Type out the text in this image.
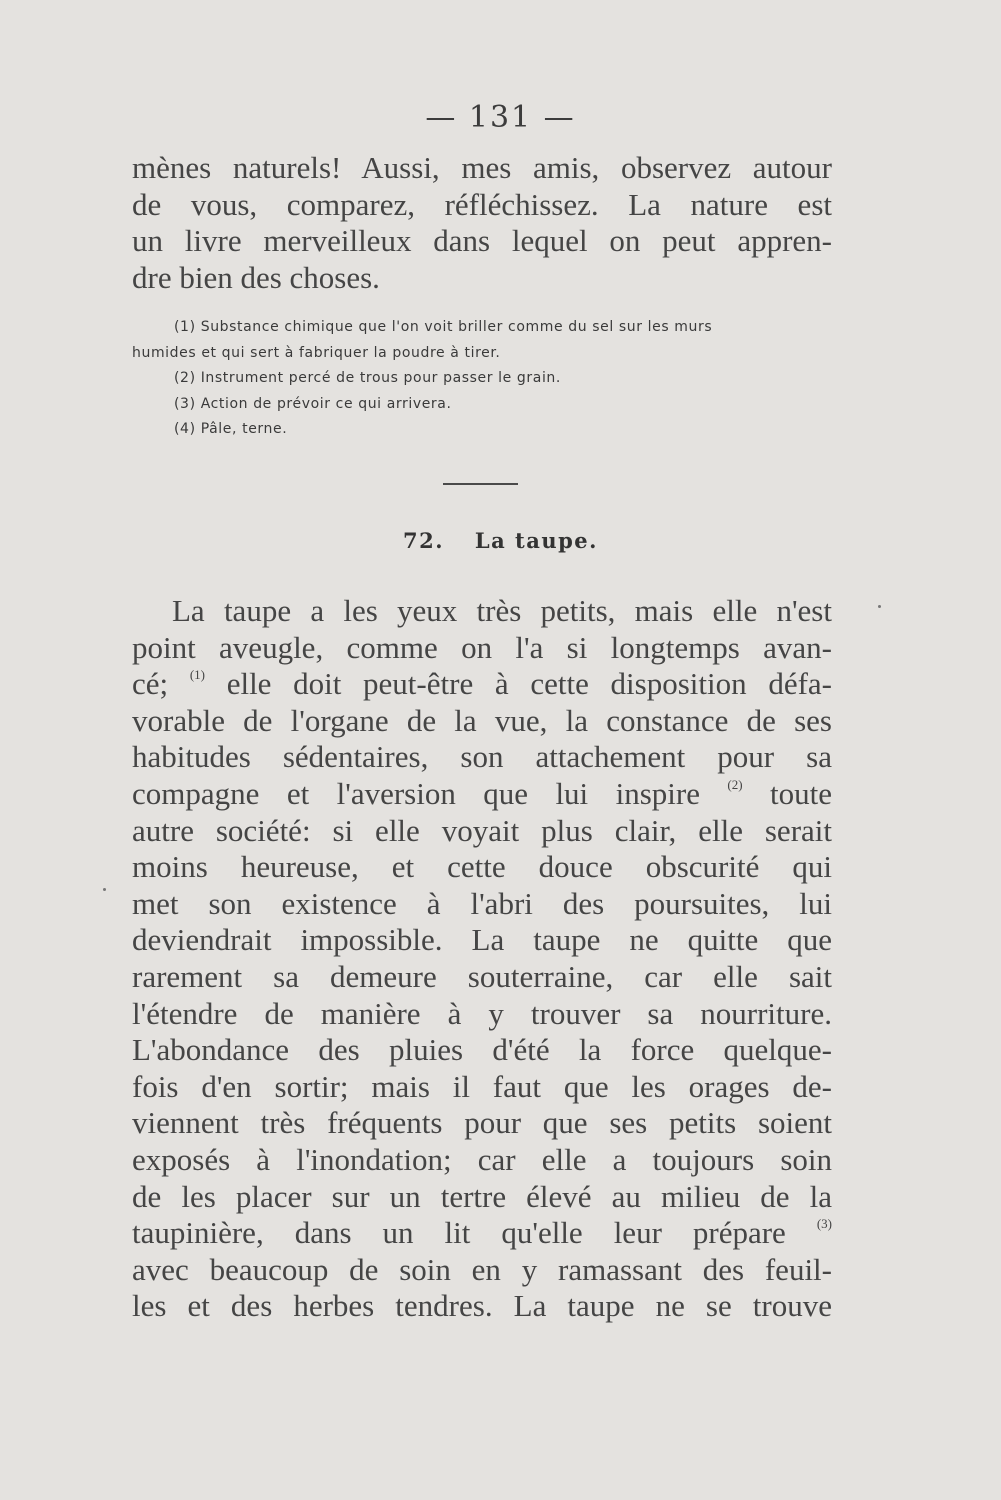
— 131 —
mènes naturels! Aussi, mes amis, observez autour
de vous, comparez, réfléchissez. La nature est
un livre merveilleux dans lequel on peut appren-
dre bien des choses.
(1) Substance chimique que l'on voit briller comme du sel sur les murs
humides et qui sert à fabriquer la poudre à tirer.
(2) Instrument percé de trous pour passer le grain.
(3) Action de prévoir ce qui arrivera.
(4) Pâle, terne.
72. La taupe.
La taupe a les yeux très petits, mais elle n'est
point aveugle, comme on l'a si longtemps avan-
cé; $^{(1)}$ elle doit peut-être à cette disposition défa-
vorable de l'organe de la vue, la constance de ses
habitudes sédentaires, son attachement pour sa
compagne et l'aversion que lui inspire $^{(2)}$ toute
autre société: si elle voyait plus clair, elle serait
moins heureuse, et cette douce obscurité qui
met son existence à l'abri des poursuites, lui
deviendrait impossible. La taupe ne quitte que
rarement sa demeure souterraine, car elle sait
l'étendre de manière à y trouver sa nourriture.
L'abondance des pluies d'été la force quelque-
fois d'en sortir; mais il faut que les orages de-
viennent très fréquents pour que ses petits soient
exposés à l'inondation; car elle a toujours soin
de les placer sur un tertre élevé au milieu de la
taupinière, dans un lit qu'elle leur prépare $^{(3)}$
avec beaucoup de soin en y ramassant des feuil-
les et des herbes tendres. La taupe ne se trouve
